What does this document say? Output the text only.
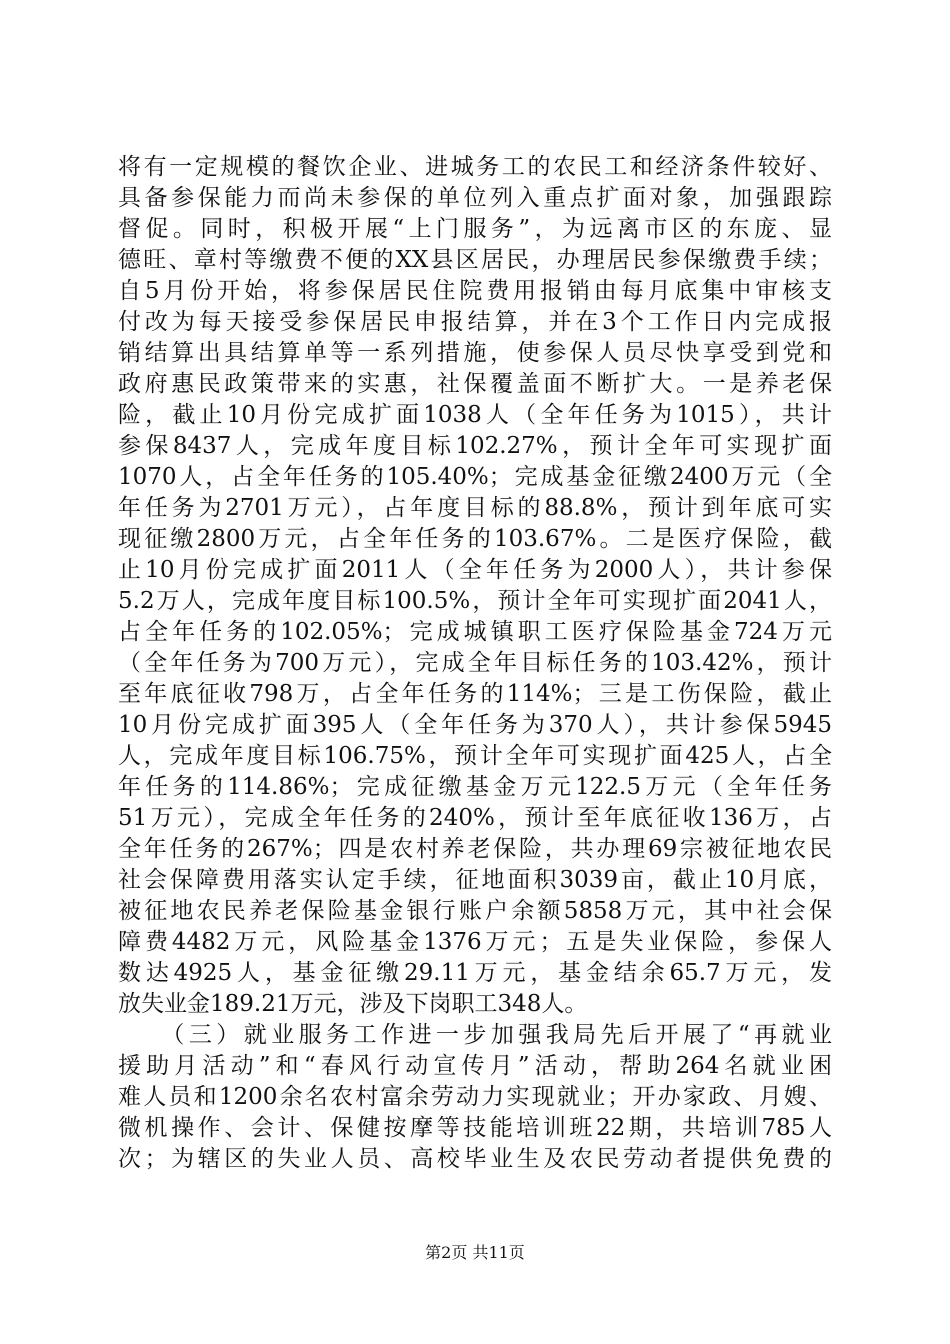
将有一定规模的餐饮企业、进城务工的农民工和经济条件较好、
具备参保能力而尚未参保的单位列入重点扩面对象，加强跟踪
督促。同时，积极开展“上门服务”，为远离市区的东庞、显
德旺、章村等缴费不便的XX县区居民，办理居民参保缴费手续；
自5月份开始，将参保居民住院费用报销由每月底集中审核支
付改为每天接受参保居民申报结算，并在3个工作日内完成报
销结算出具结算单等一系列措施，使参保人员尽快享受到党和
政府惠民政策带来的实惠，社保覆盖面不断扩大。一是养老保
险，截止10月份完成扩面1038人（全年任务为1015），共计
参保8437人，完成年度目标102.27%，预计全年可实现扩面
1070人，占全年任务的105.40%；完成基金征缴2400万元（全
年任务为2701万元），占年度目标的88.8%，预计到年底可实
现征缴2800万元，占全年任务的103.67%。二是医疗保险，截
止10月份完成扩面2011人（全年任务为2000人），共计参保
5.2万人，完成年度目标100.5%，预计全年可实现扩面2041人，
占全年任务的102.05%；完成城镇职工医疗保险基金724万元
（全年任务为700万元），完成全年目标任务的103.42%，预计
至年底征收798万，占全年任务的114%；三是工伤保险，截止
10月份完成扩面395人（全年任务为370人），共计参保5945
人，完成年度目标106.75%，预计全年可实现扩面425人，占全
年任务的114.86%；完成征缴基金万元122.5万元（全年任务
51万元），完成全年任务的240%，预计至年底征收136万，占
全年任务的267%；四是农村养老保险，共办理69宗被征地农民
社会保障费用落实认定手续，征地面积3039亩，截止10月底，
被征地农民养老保险基金银行账户余额5858万元，其中社会保
障费4482万元，风险基金1376万元；五是失业保险，参保人
数达4925人，基金征缴29.11万元，基金结余65.7万元，发
放失业金189.21万元，涉及下岗职工348人。
　　（三）就业服务工作进一步加强我局先后开展了“再就业
援助月活动”和“春风行动宣传月”活动，帮助264名就业困
难人员和1200余名农村富余劳动力实现就业；开办家政、月嫂、
微机操作、会计、保健按摩等技能培训班22期，共培训785人
次；为辖区的失业人员、高校毕业生及农民劳动者提供免费的
第2页 共11页
